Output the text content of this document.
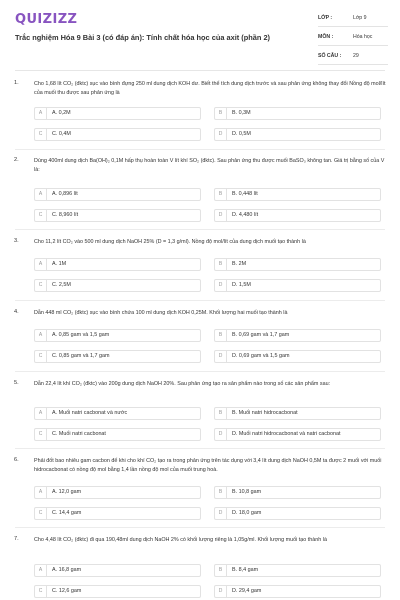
QUIZIZZ
Trắc nghiệm Hóa 9 Bài 3 (có đáp án): Tính chất hóa học của axit (phần 2)
LỚP :	Lớp 9
MÔN :	Hóa học
SỐ CÂU : 29
1.	Cho 1,68 lít CO₂ (đktc) sục vào bình đựng 250 ml dung dịch KOH dư. Biết thể tích dung dịch trước và sau phản ứng không thay đổi Nồng độ mol/lít của muối thu được sau phản ứng là
A	A. 0,2M	B	B. 0,3M
C	C. 0,4M	D	D. 0,5M
2.	Dùng 400ml dung dịch Ba(OH)₂ 0,1M hấp thụ hoàn toàn V lít khí SO₂ (đktc). Sau phản ứng thu được muối BaSO₃ không tan. Giá trị bằng số của V là:
A	A. 0,896 lít	B	B. 0,448 lít
C	C. 8,960 lít	D	D. 4,480 lít
3.	Cho 11,2 lít CO₂ vào 500 ml dung dịch NaOH 25% (D = 1,3 g/ml). Nồng độ mol/lít của dung dịch muối tạo thành là
A	A. 1M	B	B. 2M
C	C. 2,5M	D	D. 1,5M
4.	Dẫn 448 ml CO₂ (đktc) sục vào bình chứa 100 ml dung dịch KOH 0,25M. Khối lượng hai muối tạo thành là
A	A. 0,85 gam và 1,5 gam	B	B. 0,69 gam và 1,7 gam
C	C. 0,85 gam và 1,7 gam	D	D. 0,69 gam và 1,5 gam
5.	Dẫn 22,4 lít khí CO₂ (đktc) vào 200g dung dịch NaOH 20%. Sau phản ứng tạo ra sản phẩm nào trong số các sản phẩm sau:
A	A. Muối natri cacbonat và nước	B	B. Muối natri hidrocacbonat
C	C. Muối natri cacbonat	D	D. Muối natri hidrocacbonat và natri cacbonat
6.	Phải đốt bao nhiêu gam cacbon để khi cho khí CO₂ tạo ra trong phản ứng trên tác dụng với 3,4 lít dung dịch NaOH 0,5M ta được 2 muối với muối hidrocacbonat có nồng độ mol bằng 1,4 lần nồng độ mol của muối trung hoà.
A	A. 12,0 gam	B	B. 10,8 gam
C	C. 14,4 gam	D	D. 18,0 gam
7.	Cho 4,48 lít CO₂ (đktc) đi qua 190,48ml dung dịch NaOH 2% có khối lượng riêng là 1,05g/ml. Khối lượng muối tạo thành là
A	A. 16,8 gam	B	B. 8,4 gam
C	C. 12,6 gam	D	D. 29,4 gam
